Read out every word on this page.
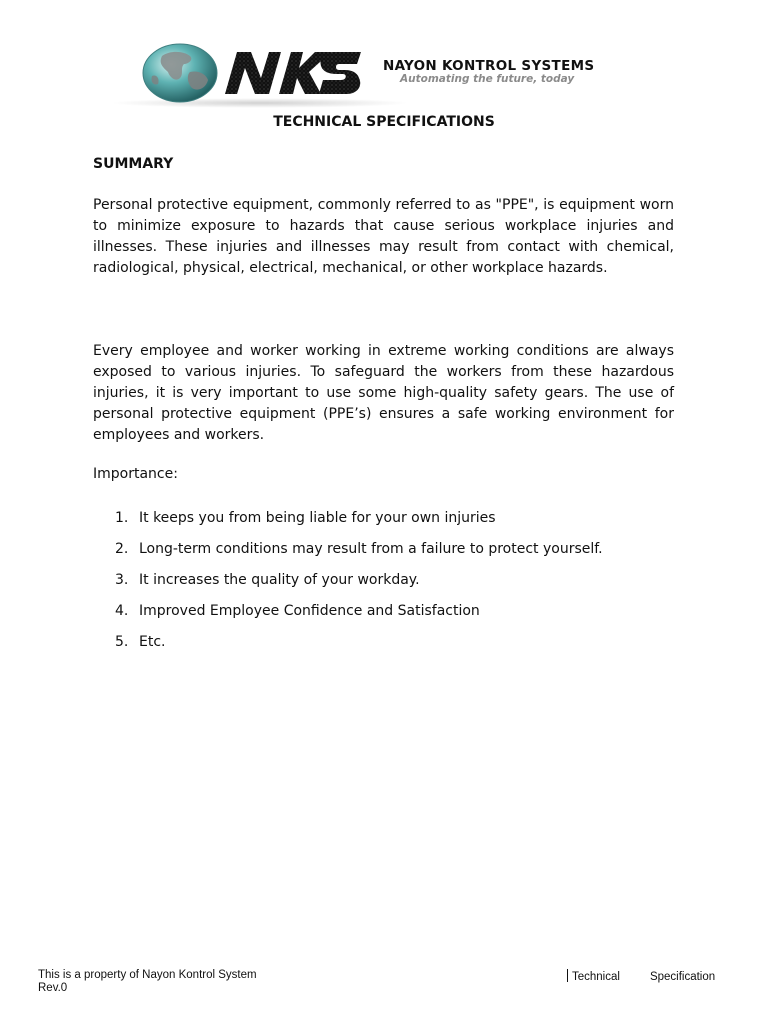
NAYON KONTROL SYSTEMS
Automating the future, today
TECHNICAL SPECIFICATIONS
SUMMARY
Personal protective equipment, commonly referred to as "PPE", is equipment worn to minimize exposure to hazards that cause serious workplace injuries and illnesses. These injuries and illnesses may result from contact with chemical, radiological, physical, electrical, mechanical, or other workplace hazards.
Every employee and worker working in extreme working conditions are always exposed to various injuries. To safeguard the workers from these hazardous injuries, it is very important to use some high-quality safety gears. The use of personal protective equipment (PPE’s) ensures a safe working environment for employees and workers.
Importance:
1. It keeps you from being liable for your own injuries
2. Long-term conditions may result from a failure to protect yourself.
3. It increases the quality of your workday.
4. Improved Employee Confidence and Satisfaction
5. Etc.
This is a property of Nayon Kontrol System
Rev.0
Technical	Specification
